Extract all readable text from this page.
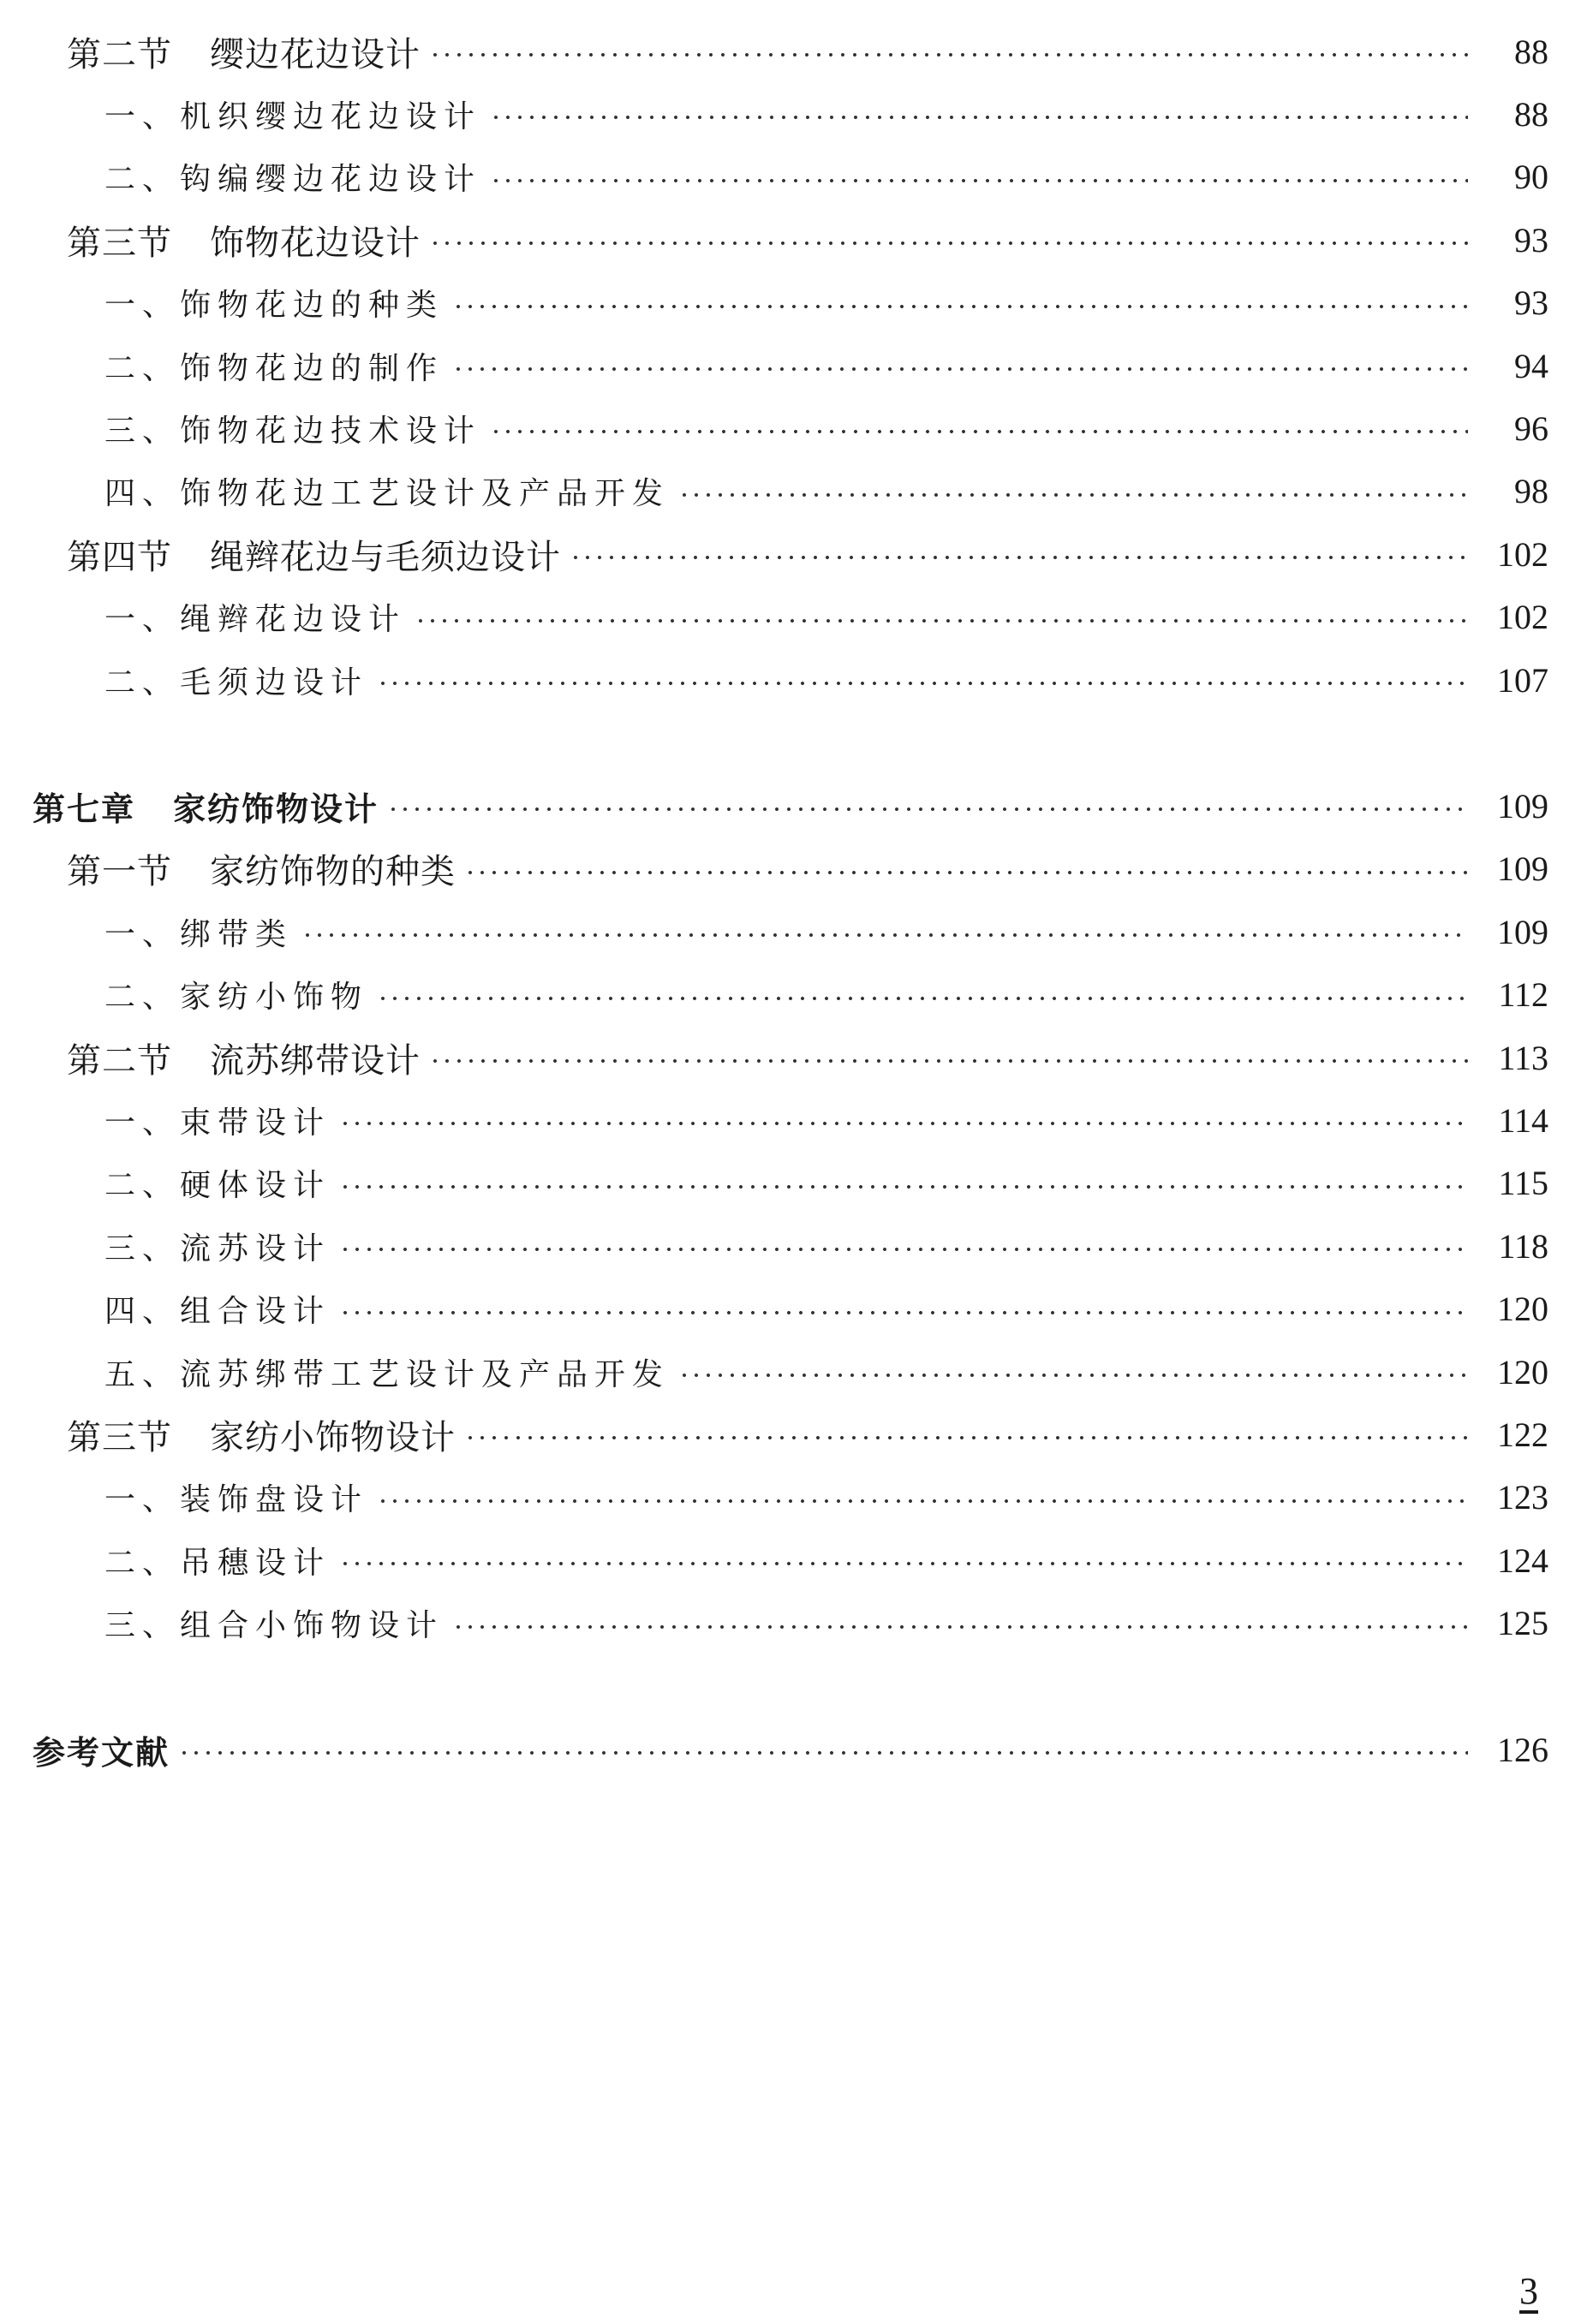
第二节 缨边花边设计	88
一、机织缨边花边设计	88
二、钩编缨边花边设计	90
第三节 饰物花边设计	93
一、饰物花边的种类	93
二、饰物花边的制作	94
三、饰物花边技术设计	96
四、饰物花边工艺设计及产品开发	98
第四节 绳辫花边与毛须边设计	102
一、绳辫花边设计	102
二、毛须边设计	107
第七章 家纺饰物设计	109
第一节 家纺饰物的种类	109
一、绑带类	109
二、家纺小饰物	112
第二节 流苏绑带设计	113
一、束带设计	114
二、硬体设计	115
三、流苏设计	118
四、组合设计	120
五、流苏绑带工艺设计及产品开发	120
第三节 家纺小饰物设计	122
一、装饰盘设计	123
二、吊穗设计	124
三、组合小饰物设计	125
参考文献	126
3
